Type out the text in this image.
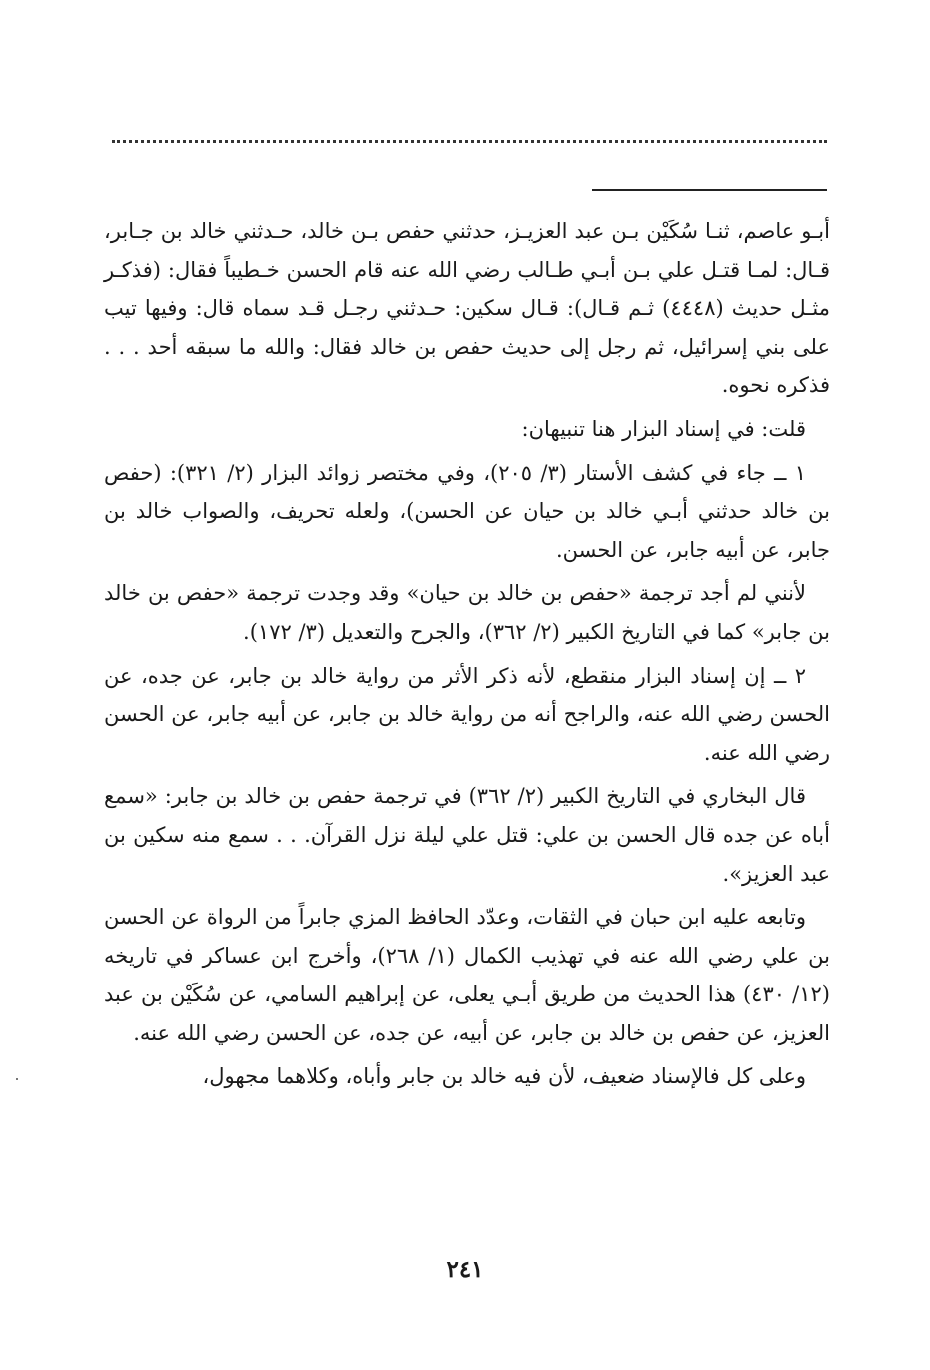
أبـو عاصم، ثنـا سُكَيْن بـن عبد العزيـز، حدثني حفص بـن خالد، حـدثني خالد بن جـابر، قـال: لمـا قتـل علي بـن أبـي طـالب رضي الله عنه قام الحسن خـطيباً فقال: (فذكـر مثـل حديث (٤٤٤٨) ثـم قـال): قـال سكين: حـدثني رجـل قـد سماه قال: وفيها تيب على بني إسرائيل، ثم رجل إلى حديث حفص بن خالد فقال: والله ما سبقه أحد . . . فذكره نحوه.

قلت: في إسناد البزار هنا تنبيهان:

١ ــ جاء في كشف الأستار (٣/ ٢٠٥)، وفي مختصر زوائد البزار (٢/ ٣٢١): (حفص بن خالد حدثني أبـي خالد بن حيان عن الحسن)، ولعله تحريف، والصواب خالد بن جابر، عن أبيه جابر، عن الحسن.

لأنني لم أجد ترجمة «حفص بن خالد بن حيان» وقد وجدت ترجمة «حفص بن خالد بن جابر» كما في التاريخ الكبير (٢/ ٣٦٢)، والجرح والتعديل (٣/ ١٧٢).

٢ ــ إن إسناد البزار منقطع، لأنه ذكر الأثر من رواية خالد بن جابر، عن جده، عن الحسن رضي الله عنه، والراجح أنه من رواية خالد بن جابر، عن أبيه جابر، عن الحسن رضي الله عنه.

قال البخاري في التاريخ الكبير (٢/ ٣٦٢) في ترجمة حفص بن خالد بن جابر: «سمع أباه عن جده قال الحسن بن علي: قتل علي ليلة نزل القرآن. . . سمع منه سكين بن عبد العزيز».

وتابعه عليه ابن حبان في الثقات، وعدّد الحافظ المزي جابراً من الرواة عن الحسن بن علي رضي الله عنه في تهذيب الكمال (١/ ٢٦٨)، وأخرج ابن عساكر في تاريخه (١٢/ ٤٣٠) هذا الحديث من طريق أبـي يعلى، عن إبراهيم السامي، عن سُكَيْن بن عبد العزيز، عن حفص بن خالد بن جابر، عن أبيه، عن جده، عن الحسن رضي الله عنه.

وعلى كل فالإسناد ضعيف، لأن فيه خالد بن جابر وأباه، وكلاهما مجهول،

٢٤١
